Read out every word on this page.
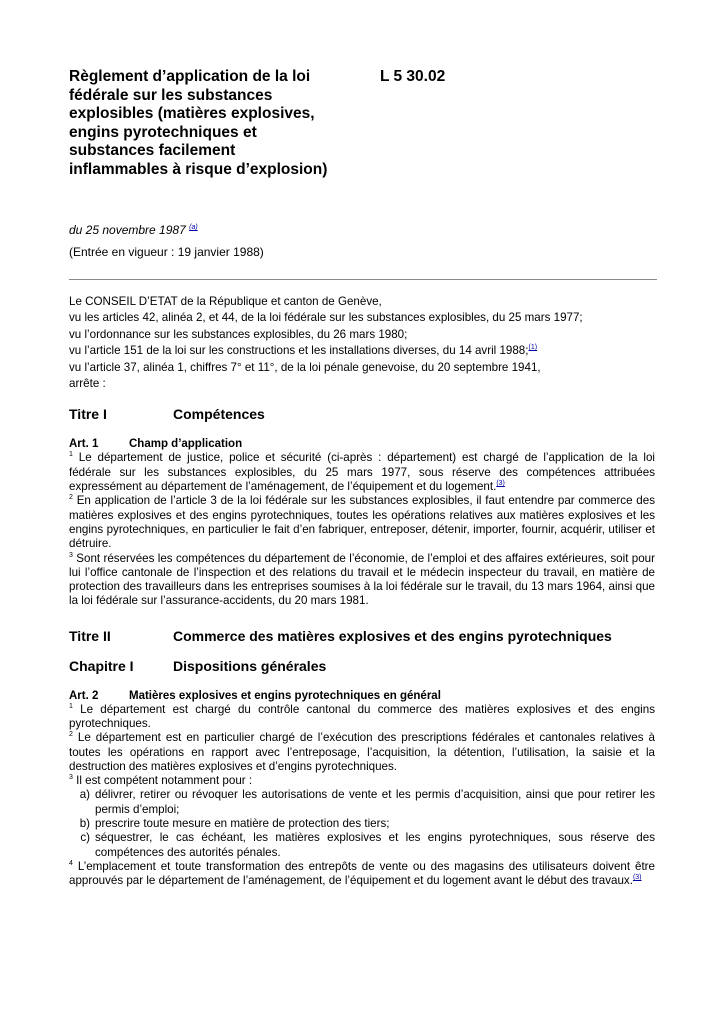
Règlement d’application de la loi fédérale sur les substances explosibles (matières explosives, engins pyrotechniques et substances facilement inflammables à risque d’explosion)
L 5 30.02
du 25 novembre 1987 $^{(a)}$
(Entrée en vigueur : 19 janvier 1988)
Le CONSEIL D’ETAT de la République et canton de Genève,
vu les articles 42, alinéa 2, et 44, de la loi fédérale sur les substances explosibles, du 25 mars 1977;
vu l’ordonnance sur les substances explosibles, du 26 mars 1980;
vu l’article 151 de la loi sur les constructions et les installations diverses, du 14 avril 1988;$^{(1)}$
vu l’article 37, alinéa 1, chiffres 7° et 11°, de la loi pénale genevoise, du 20 septembre 1941,
arrête :
Titre I	Compétences
Art. 1	Champ d’application
$^1$ Le département de justice, police et sécurité (ci-après : département) est chargé de l’application de la loi fédérale sur les substances explosibles, du 25 mars 1977, sous réserve des compétences attribuées expressément au département de l’aménagement, de l’équipement et du logement.$^{(3)}$
$^2$ En application de l’article 3 de la loi fédérale sur les substances explosibles, il faut entendre par commerce des matières explosives et des engins pyrotechniques, toutes les opérations relatives aux matières explosives et les engins pyrotechniques, en particulier le fait d’en fabriquer, entreposer, détenir, importer, fournir, acquérir, utiliser et détruire.
$^3$ Sont réservées les compétences du département de l’économie, de l’emploi et des affaires extérieures, soit pour lui l’office cantonale de l’inspection et des relations du travail et le médecin inspecteur du travail, en matière de protection des travailleurs dans les entreprises soumises à la loi fédérale sur le travail, du 13 mars 1964, ainsi que la loi fédérale sur l’assurance-accidents, du 20 mars 1981.
Titre II	Commerce des matières explosives et des engins pyrotechniques
Chapitre I	Dispositions générales
Art. 2	Matières explosives et engins pyrotechniques en général
$^1$ Le département est chargé du contrôle cantonal du commerce des matières explosives et des engins pyrotechniques.
$^2$ Le département est en particulier chargé de l’exécution des prescriptions fédérales et cantonales relatives à toutes les opérations en rapport avec l’entreposage, l’acquisition, la détention, l’utilisation, la saisie et la destruction des matières explosives et d’engins pyrotechniques.
$^3$ Il est compétent notamment pour :
a) délivrer, retirer ou révoquer les autorisations de vente et les permis d’acquisition, ainsi que pour retirer les permis d’emploi;
b) prescrire toute mesure en matière de protection des tiers;
c) séquestrer, le cas échéant, les matières explosives et les engins pyrotechniques, sous réserve des compétences des autorités pénales.
$^4$ L’emplacement et toute transformation des entrepôts de vente ou des magasins des utilisateurs doivent être approuvés par le département de l’aménagement, de l’équipement et du logement avant le début des travaux.$^{(3)}$
